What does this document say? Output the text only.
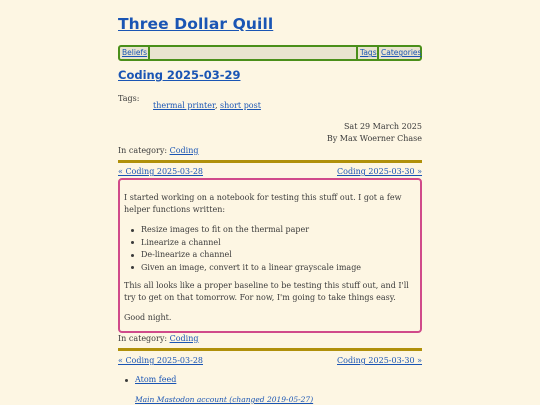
Three Dollar Quill
Beliefs	Tags Categories
Coding 2025-03-29
Tags:
thermal printer, short post
Sat 29 March 2025
By Max Woerner Chase
In category: Coding
« Coding 2025-03-28	Coding 2025-03-30 »

I started working on a notebook for testing this stuff out. I got a few helper functions written:

Resize images to fit on the thermal paper
Linearize a channel
De-linearize a channel
Given an image, convert it to a linear grayscale image

This all looks like a proper baseline to be testing this stuff out, and I'll try to get on that tomorrow. For now, I'm going to take things easy.

Good night.

In category: Coding
« Coding 2025-03-28	Coding 2025-03-30 »
Atom feed
Main Mastodon account (changed 2019-05-27)
